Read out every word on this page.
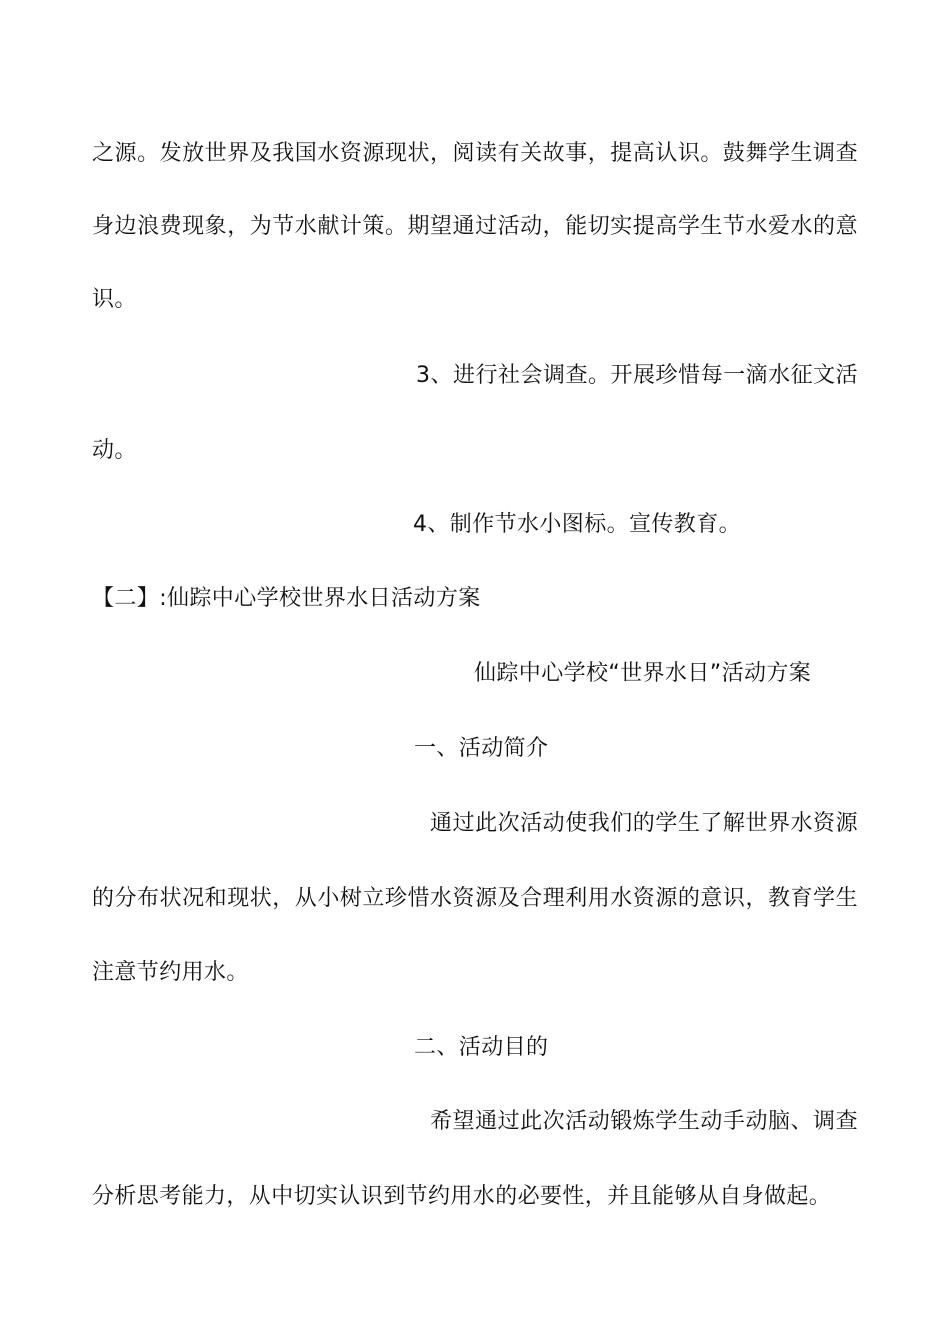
之源。发放世界及我国水资源现状，阅读有关故事，提高认识。鼓舞学生调查
身边浪费现象，为节水献计策。期望通过活动，能切实提高学生节水爱水的意
识。
3、进行社会调查。开展珍惜每一滴水征文活
动。
4、制作节水小图标。宣传教育。
【二】:仙踪中心学校世界水日活动方案
仙踪中心学校“世界水日”活动方案
一、活动简介
通过此次活动使我们的学生了解世界水资源
的分布状况和现状，从小树立珍惜水资源及合理利用水资源的意识，教育学生
注意节约用水。
二、活动目的
希望通过此次活动锻炼学生动手动脑、调查
分析思考能力，从中切实认识到节约用水的必要性，并且能够从自身做起。
